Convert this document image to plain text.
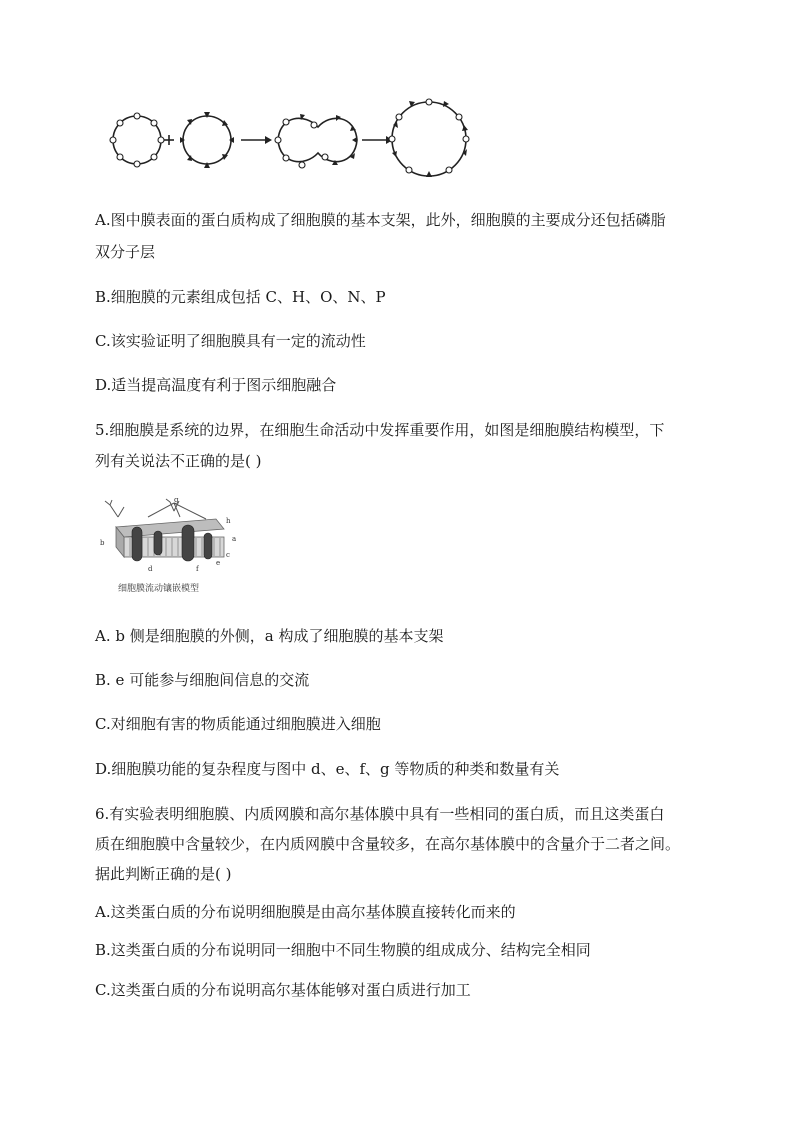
A.图中膜表面的蛋白质构成了细胞膜的基本支架，此外，细胞膜的主要成分还包括磷脂
双分子层
B.细胞膜的元素组成包括 C、H、O、N、P
C.该实验证明了细胞膜具有一定的流动性
D.适当提高温度有利于图示细胞融合
5.细胞膜是系统的边界，在细胞生命活动中发挥重要作用，如图是细胞膜结构模型，下
列有关说法不正确的是( )
g
h
a
c
b
d	f
e
细胞膜流动镶嵌模型
A. b 侧是细胞膜的外侧，a 构成了细胞膜的基本支架
B. e 可能参与细胞间信息的交流
C.对细胞有害的物质能通过细胞膜进入细胞
D.细胞膜功能的复杂程度与图中 d、e、f、g 等物质的种类和数量有关
6.有实验表明细胞膜、内质网膜和高尔基体膜中具有一些相同的蛋白质，而且这类蛋白
质在细胞膜中含量较少，在内质网膜中含量较多，在高尔基体膜中的含量介于二者之间。
据此判断正确的是( )
A.这类蛋白质的分布说明细胞膜是由高尔基体膜直接转化而来的
B.这类蛋白质的分布说明同一细胞中不同生物膜的组成成分、结构完全相同
C.这类蛋白质的分布说明高尔基体能够对蛋白质进行加工
